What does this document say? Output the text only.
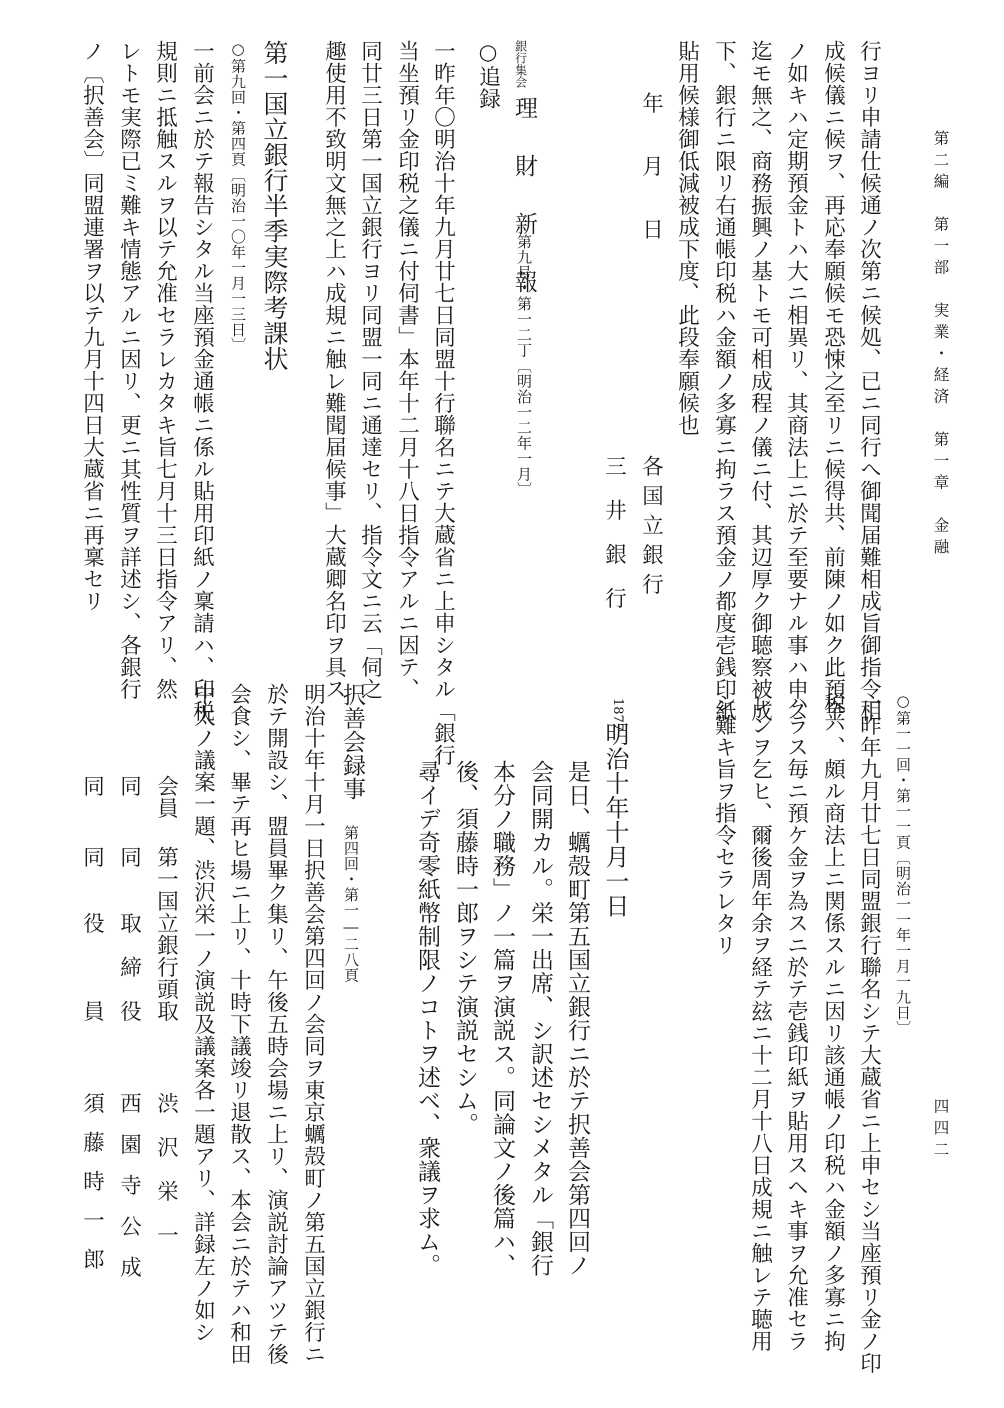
第二編　第一部　実業・経済　第一章　金融
四四二
行ヨリ申請仕候通ノ次第ニ候処、已ニ同行へ御聞届難相成旨御指令相
成候儀ニ候ヲ、再応奉願候モ恐悚之至リニ候得共、前陳ノ如ク此預金
ノ如キハ定期預金トハ大ニ相異リ、其商法上ニ於テ至要ナル事ハ申ス
迄モ無之、商務振興ノ基トモ可相成程ノ儀ニ付、其辺厚ク御聴察被成
下、銀行ニ限リ右通帳印税ハ金額ノ多寡ニ拘ラス預金ノ都度壱銭印紙
貼用候様御低減被成下度、此段奉願候也
年　月　日
各国立銀行
三　井　銀　行
○追録 銀行集会
理　財　新　報
第九号・第一二丁〔明治一二年一月〕
一昨年〇明治十年九月廿七日同盟十行聯名ニテ大蔵省ニ上申シタル「銀行
当坐預リ金印税之儀ニ付伺書」本年十二月十八日指令アルニ因テ、
同廿三日第一国立銀行ヨリ同盟一同ニ通達セリ、指令文ニ云「伺之
趣使用不致明文無之上ハ成規ニ触レ難聞届候事」大蔵卿名印ヲ具ス
第一国立銀行半季実際考課状
○第九回・第四頁〔明治一〇年一月一三日〕
一前会ニ於テ報告シタル当座預金通帳ニ係ル貼用印紙ノ稟請ハ、印税
規則ニ抵触スルヲ以テ允准セラレカタキ旨七月十三日指令アリ、然
レトモ実際已ミ難キ情態アルニ因リ、更ニ其性質ヲ詳述シ、各銀行
ノ〔択善会〕同盟連署ヲ以テ九月十四日大蔵省ニ再稟セリ
○第一一回・第一一頁〔明治一一年一月一九日〕
一昨年九月廿七日同盟銀行聯名シテ大蔵省ニ上申セシ当座預リ金ノ印
税ハ、頗ル商法上ニ関係スルニ因リ該通帳ノ印税ハ金額ノ多寡ニ拘
ハラス毎ニ預ケ金ヲ為スニ於テ壱銭印紙ヲ貼用スヘキ事ヲ允准セラ
レンヲ乞ヒ、爾後周年余ヲ経テ玆ニ十二月十八日成規ニ触レテ聴用
シ難キ旨ヲ指令セラレタリ
1877
明治十年十月一日
是日、蠣殻町第五国立銀行ニ於テ択善会第四回ノ
会同開カル。栄一出席、シ訳述セシメタル「銀行
本分ノ職務」ノ一篇ヲ演説ス。同論文ノ後篇ハ、
後、須藤時一郎ヲシテ演説セシム。
尋イデ奇零紙幣制限ノコトヲ述ベ、衆議ヲ求ム。
択善会録事
第四回・第一―二八頁
明治十年十月一日択善会第四回ノ会同ヲ東京蠣殻町ノ第五国立銀行ニ
於テ開設シ、盟員畢ク集リ、午後五時会場ニ上リ、演説討論アツテ後
会食シ、畢テ再ヒ場ニ上リ、十時下議竣リ退散ス、本会ニ於テハ和田
中太ノ議案一題、渋沢栄一ノ演説及議案各一題アリ、詳録左ノ如シ
会員
第一国立銀行頭取
渋　沢　栄　一
同
同　　取　締　役
西　園　寺　公　成
同
同　　役　　　員
須　藤　時　一　郎
